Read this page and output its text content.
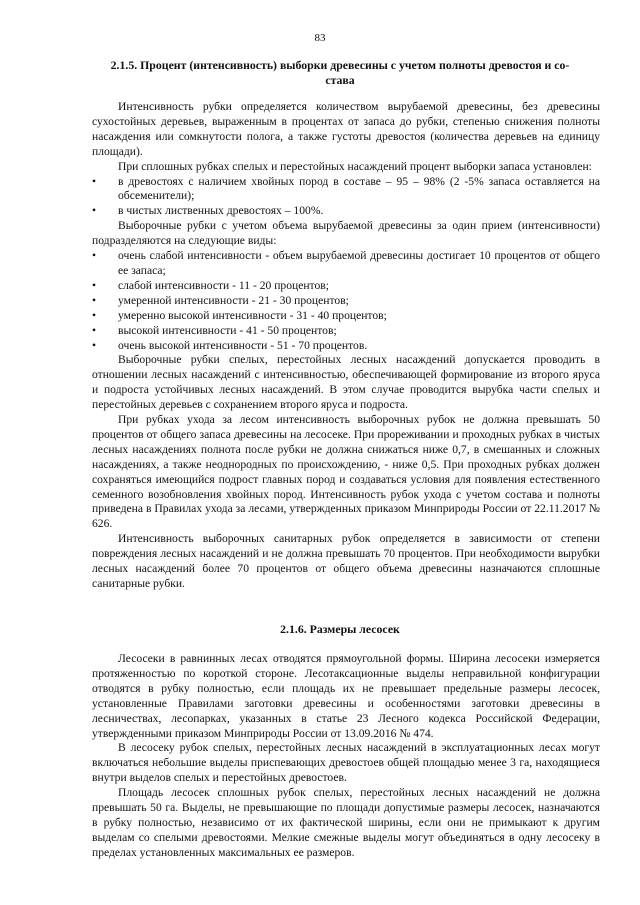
83
2.1.5. Процент (интенсивность) выборки древесины с учетом полноты древостоя и со-
става

Интенсивность рубки определяется количеством вырубаемой древесины, без древесины сухостойных деревьев, выраженным в процентах от запаса до рубки, степенью снижения полноты насаждения или сомкнутости полога, а также густоты древостоя (количества деревьев на единицу площади).

При сплошных рубках спелых и перестойных насаждений процент выборки запаса установлен:

• в древостоях с наличием хвойных пород в составе – 95 – 98% (2 -5% запаса оставляется на обсеменители);
• в чистых лиственных древостоях – 100%.

Выборочные рубки с учетом объема вырубаемой древесины за один прием (интенсивности) подразделяются на следующие виды:

• очень слабой интенсивности - объем вырубаемой древесины достигает 10 процентов от общего ее запаса;
• слабой интенсивности - 11 - 20 процентов;
• умеренной интенсивности - 21 - 30 процентов;
• умеренно высокой интенсивности - 31 - 40 процентов;
• высокой интенсивности - 41 - 50 процентов;
• очень высокой интенсивности - 51 - 70 процентов.

Выборочные рубки спелых, перестойных лесных насаждений допускается проводить в отношении лесных насаждений с интенсивностью, обеспечивающей формирование из второго яруса и подроста устойчивых лесных насаждений. В этом случае проводится вырубка части спелых и перестойных деревьев с сохранением второго яруса и подроста.

При рубках ухода за лесом интенсивность выборочных рубок не должна превышать 50 процентов от общего запаса древесины на лесосеке. При прореживании и проходных рубках в чистых лесных насаждениях полнота после рубки не должна снижаться ниже 0,7, в смешанных и сложных насаждениях, а также неоднородных по происхождению, - ниже 0,5. При проходных рубках должен сохраняться имеющийся подрост главных пород и создаваться условия для появления естественного семенного возобновления хвойных пород. Интенсивность рубок ухода с учетом состава и полноты приведена в Правилах ухода за лесами, утвержденных приказом Минприроды России от 22.11.2017 № 626.

Интенсивность выборочных санитарных рубок определяется в зависимости от степени повреждения лесных насаждений и не должна превышать 70 процентов. При необходимости вырубки лесных насаждений более 70 процентов от общего объема древесины назначаются сплошные санитарные рубки.

2.1.6. Размеры лесосек

Лесосеки в равнинных лесах отводятся прямоугольной формы. Ширина лесосеки измеряется протяженностью по короткой стороне. Лесотаксационные выделы неправильной конфигурации отводятся в рубку полностью, если площадь их не превышает предельные размеры лесосек, установленные Правилами заготовки древесины и особенностями заготовки древесины в лесничествах, лесопарках, указанных в статье 23 Лесного кодекса Российской Федерации, утвержденными приказом Минприроды России от 13.09.2016 № 474.

В лесосеку рубок спелых, перестойных лесных насаждений в эксплуатационных лесах могут включаться небольшие выделы приспевающих древостоев общей площадью менее 3 га, находящиеся внутри выделов спелых и перестойных древостоев.

Площадь лесосек сплошных рубок спелых, перестойных лесных насаждений не должна превышать 50 га. Выделы, не превышающие по площади допустимые размеры лесосек, назначаются в рубку полностью, независимо от их фактической ширины, если они не примыкают к другим выделам со спелыми древостоями. Мелкие смежные выделы могут объединяться в одну лесосеку в пределах установленных максимальных ее размеров.
